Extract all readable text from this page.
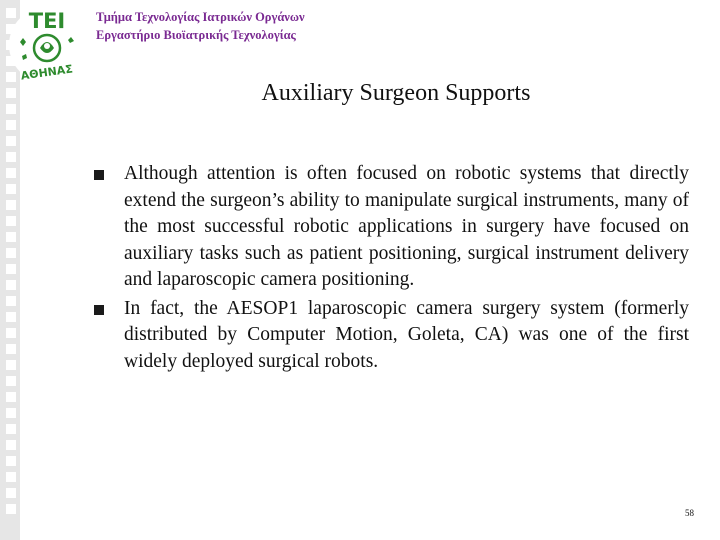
ΤΕΙ
ΑΘΗΝΑΣ
Τμήμα Τεχνολογίας Ιατρικών Οργάνων
Εργαστήριο Βιοϊατρικής Τεχνολογίας
Auxiliary Surgeon Supports
Although attention is often focused on robotic systems that directly extend the surgeon’s ability to manipulate surgical instruments, many of the most successful robotic applications in surgery have focused on auxiliary tasks such as patient positioning, surgical instrument delivery and laparoscopic camera positioning.
In fact, the AESOP1 laparoscopic camera surgery system (formerly distributed by Computer Motion, Goleta, CA) was one of the first widely deployed surgical robots.
58
